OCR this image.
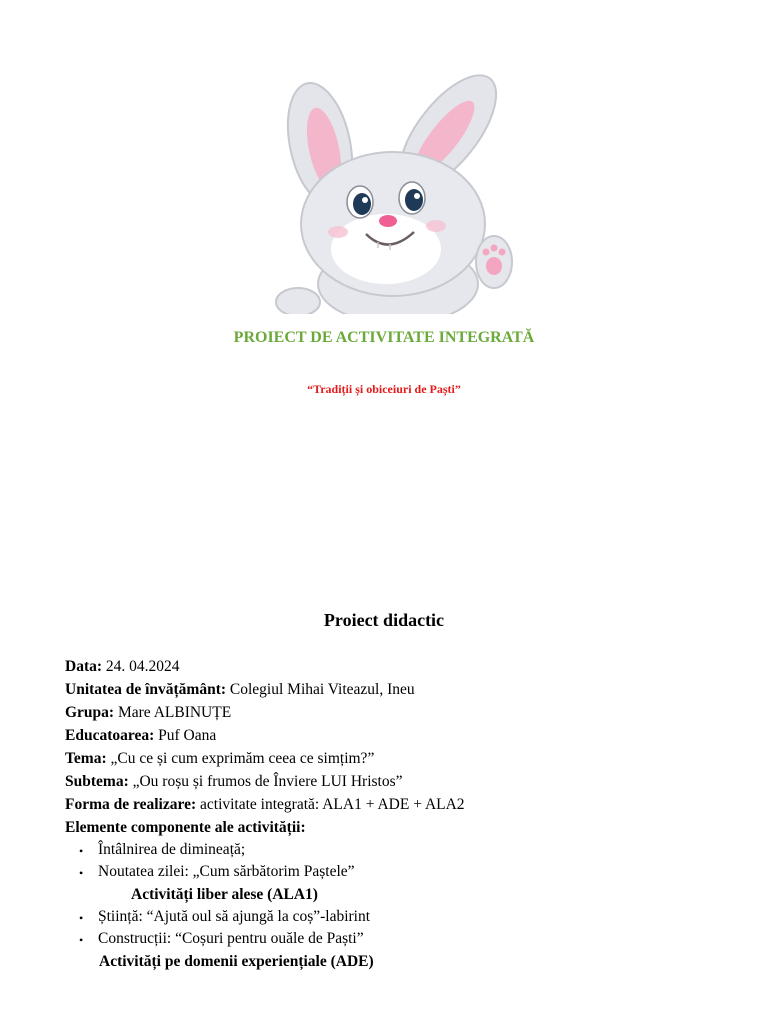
PROIECT DE ACTIVITATE INTEGRATĂ
“Tradiții și obiceiuri de Paști”
Proiect didactic

Data: 24. 04.2024

Unitatea de învățământ: Colegiul Mihai Viteazul, Ineu

Grupa: Mare ALBINUȚE

Educatoarea: Puf Oana

Tema: „Cu ce și cum exprimăm ceea ce simțim?”

Subtema: „Ou roșu și frumos de Înviere LUI Hristos”

Forma de realizare: activitate integrată: ALA1 + ADE + ALA2

Elemente componente ale activității:

• Întâlnirea de dimineață;
• Noutatea zilei: „Cum sărbătorim Paștele”

Activități liber alese (ALA1)

• Știință: “Ajută oul să ajungă la coș”-labirint
• Construcții: “Coșuri pentru ouăle de Paști”

Activități pe domenii experiențiale (ADE)
